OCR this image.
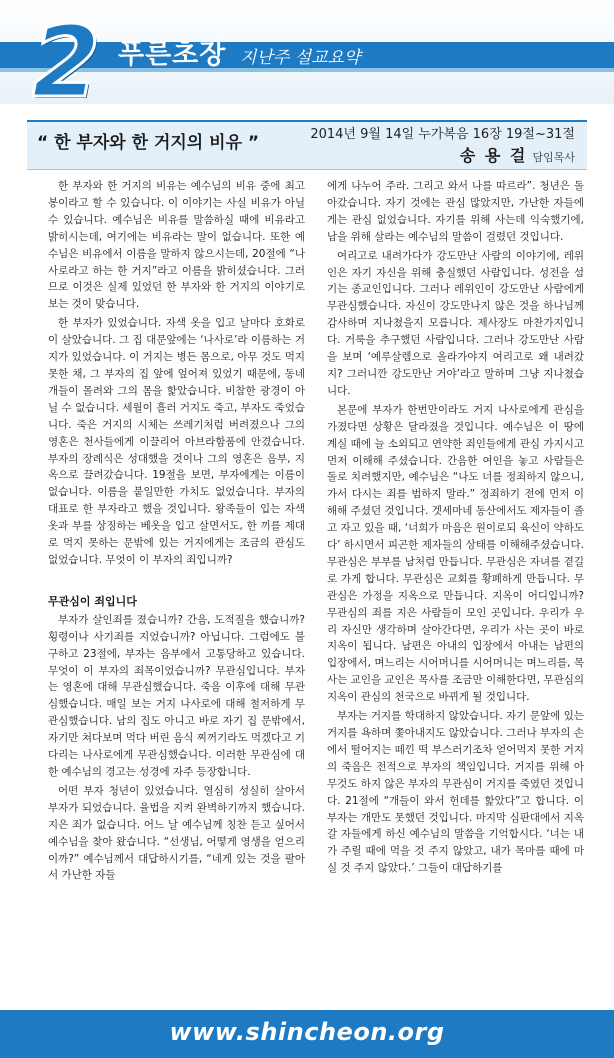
2 푸른초장 지난주 설교요약
“ 한 부자와 한 거지의 비유 ”	2014년 9월 14일 누가복음 16장 19절~31절
송 용 걸 담임목사

한 부자와 한 거지의 비유는 예수님의 비유 중에 최고봉이라고 할 수 있습니다. 이 이야기는 사실 비유가 아닐 수 있습니다. 예수님은 비유를 말씀하실 때에 비유라고 밝히시는데, 여기에는 비유라는 말이 없습니다. 또한 예수님은 비유에서 이름을 말하지 않으시는데, 20절에 “나사로라고 하는 한 거지”라고 이름을 밝히셨습니다. 그러므로 이것은 실제 있었던 한 부자와 한 거지의 이야기로 보는 것이 맞습니다.

한 부자가 있었습니다. 자색 옷을 입고 날마다 호화로이 살았습니다. 그 집 대문앞에는 ‘나사로’라 이름하는 거지가 있었습니다. 이 거지는 병든 몸으로, 아무 것도 먹지 못한 채, 그 부자의 집 앞에 엎어져 있었기 때문에, 동네 개들이 몰려와 그의 몸을 핥았습니다. 비참한 광경이 아닐 수 없습니다. 세월이 흘러 거지도 죽고, 부자도 죽었습니다. 죽은 거지의 시체는 쓰레기처럼 버려졌으나 그의 영혼은 천사들에게 이끌리어 아브라함품에 안겼습니다. 부자의 장례식은 성대했을 것이나 그의 영혼은 음부, 지옥으로 끌려갔습니다. 19절을 보면, 부자에게는 이름이 없습니다. 이름을 붙일만한 가치도 없었습니다. 부자의 대표로 한 부자라고 했을 것입니다. 왕족들이 입는 자색 옷과 부를 상징하는 베옷을 입고 살면서도, 한 끼를 제대로 먹지 못하는 문밖에 있는 거지에게는 조금의 관심도 없었습니다. 무엇이 이 부자의 죄입니까?

무관심이 죄입니다

부자가 살인죄를 졌습니까? 간음, 도적질을 했습니까? 횡령이나 사기죄를 지었습니까? 아닙니다. 그럼에도 불구하고 23절에, 부자는 음부에서 고통당하고 있습니다. 무엇이 이 부자의 죄목이었습니까? 무관심입니다. 부자는 영혼에 대해 무관심했습니다. 죽음 이후에 대해 무관심했습니다. 매일 보는 거지 나사로에 대해 철저하게 무관심했습니다. 남의 집도 아니고 바로 자기 집 문밖에서, 자기만 쳐다보며 먹다 버린 음식 찌꺼기라도 먹겠다고 기다리는 나사로에게 무관심했습니다. 이러한 무관심에 대한 예수님의 경고는 성경에 자주 등장합니다.

어떤 부자 청년이 있었습니다. 열심히 성실히 살아서 부자가 되었습니다. 율법을 지켜 완벽하기까지 했습니다. 지은 죄가 없습니다. 어느 날 예수님께 칭찬 듣고 싶어서 예수님을 찾아 왔습니다. “선생님, 어떻게 영생을 얻으리이까?” 예수님께서 대답하시기를, “네게 있는 것을 팔아서 가난한 자들

에게 나누어 주라. 그리고 와서 나를 따르라”. 청년은 돌아갔습니다. 자기 것에는 관심 많았지만, 가난한 자들에게는 관심 없었습니다. 자기를 위해 사는데 익숙했기에, 남을 위해 살라는 예수님의 말씀이 걸렸던 것입니다.

여리고로 내려가다가 강도만난 사람의 이야기에, 레위인은 자기 자신을 위해 충실했던 사람입니다. 성전을 섬기는 종교인입니다. 그러나 레위인이 강도만난 사람에게 무관심했습니다. 자신이 강도만나지 않은 것을 하나님께 감사하며 지나쳤을지 모릅니다. 제사장도 마찬가지입니다. 거룩을 추구했던 사람입니다. 그러나 강도만난 사람을 보며 ‘예루살렘으로 올라가야지 여리고로 왜 내려갔지? 그러니깐 강도만난 거야’라고 말하며 그냥 지나쳤습니다.

본문에 부자가 한번만이라도 거지 나사로에게 관심을 가졌다면 상황은 달라졌을 것입니다. 예수님은 이 땅에 계실 때에 늘 소외되고 연약한 죄인들에게 관심 가지시고 먼저 이해해 주셨습니다. 간음한 여인을 놓고 사람들은 돌로 치려했지만, 예수님은 “나도 너를 정죄하지 않으니, 가서 다시는 죄를 범하지 말라.” 정죄하기 전에 먼저 이해해 주셨던 것입니다. 겟세마네 동산에서도 제자들이 졸고 자고 있을 때, ‘너희가 마음은 원이로되 육신이 약하도다’ 하시면서 피곤한 제자들의 상태를 이해해주셨습니다. 무관심은 부부를 남처럼 만듭니다. 무관심은 자녀를 곁길로 가게 합니다. 무관심은 교회를 황폐하게 만듭니다. 무관심은 가정을 지옥으로 만듭니다. 지옥이 어디입니까? 무관심의 죄를 지은 사람들이 모인 곳입니다. 우리가 우리 자신만 생각하며 살아간다면, 우리가 사는 곳이 바로 지옥이 됩니다. 남편은 아내의 입장에서 아내는 남편의 입장에서, 며느리는 시어머니를 시어머니는 며느리를, 목사는 교인을 교인은 목사를 조금만 이해한다면, 무관심의 지옥이 관심의 천국으로 바뀌게 될 것입니다.

부자는 거지를 학대하지 않았습니다. 자기 문앞에 있는 거지를 욕하며 쫓아내지도 않았습니다. 그러나 부자의 손에서 떨어지는 떼낀 떡 부스러기조차 얻어먹지 못한 거지의 죽음은 전적으로 부자의 책임입니다. 거지를 위해 아무것도 하지 않은 부자의 무관심이 거지를 죽였던 것입니다. 21절에 “개들이 와서 헌데를 핥았다”고 합니다. 이 부자는 개만도 못했던 것입니다. 마지막 심판대에서 지옥 갈 자들에게 하신 예수님의 말씀을 기억합시다. ‘너는 내가 주릴 때에 먹을 것 주지 않았고, 내가 목마를 때에 마실 것 주지 않았다.’ 그들이 대답하기를

www.shincheon.org
